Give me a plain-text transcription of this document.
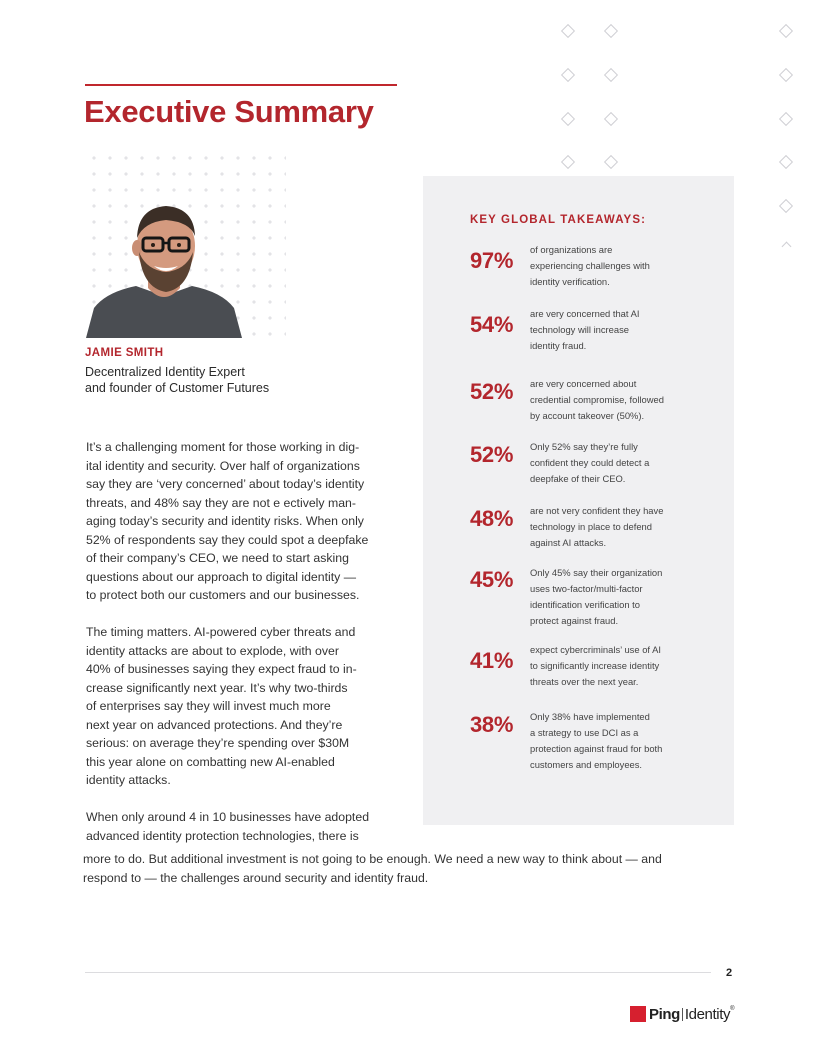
Executive Summary
JAMIE SMITH
Decentralized Identity Expert
and founder of Customer Futures

It’s a challenging moment for those working in dig-
ital identity and security. Over half of organizations
say they are ‘very concerned’ about today’s identity
threats, and 48% say they are not e ectively man-
aging today’s security and identity risks. When only
52% of respondents say they could spot a deepfake
of their company’s CEO, we need to start asking
questions about our approach to digital identity —
to protect both our customers and our businesses.

The timing matters. AI-powered cyber threats and
identity attacks are about to explode, with over
40% of businesses saying they expect fraud to in-
crease significantly next year. It’s why two-thirds
of enterprises say they will invest much more
next year on advanced protections. And they’re
serious: on average they’re spending over $30M
this year alone on combatting new AI-enabled
identity attacks.

When only around 4 in 10 businesses have adopted
advanced identity protection technologies, there is

more to do. But additional investment is not going to be enough. We need a new way to think about — and
respond to — the challenges around security and identity fraud.
KEY GLOBAL TAKEAWAYS:
97% of organizations are
experiencing challenges with
identity verification.
54% are very concerned that AI
technology will increase
identity fraud.
52% are very concerned about
credential compromise, followed
by account takeover (50%).
52% Only 52% say they’re fully
confident they could detect a
deepfake of their CEO.
48% are not very confident they have
technology in place to defend
against AI attacks.
45% Only 45% say their organization
uses two-factor/multi-factor
identification verification to
protect against fraud.
41% expect cybercriminals’ use of AI
to significantly increase identity
threats over the next year.
38% Only 38% have implemented
a strategy to use DCI as a
protection against fraud for both
customers and employees.
2
Ping Identity ®
